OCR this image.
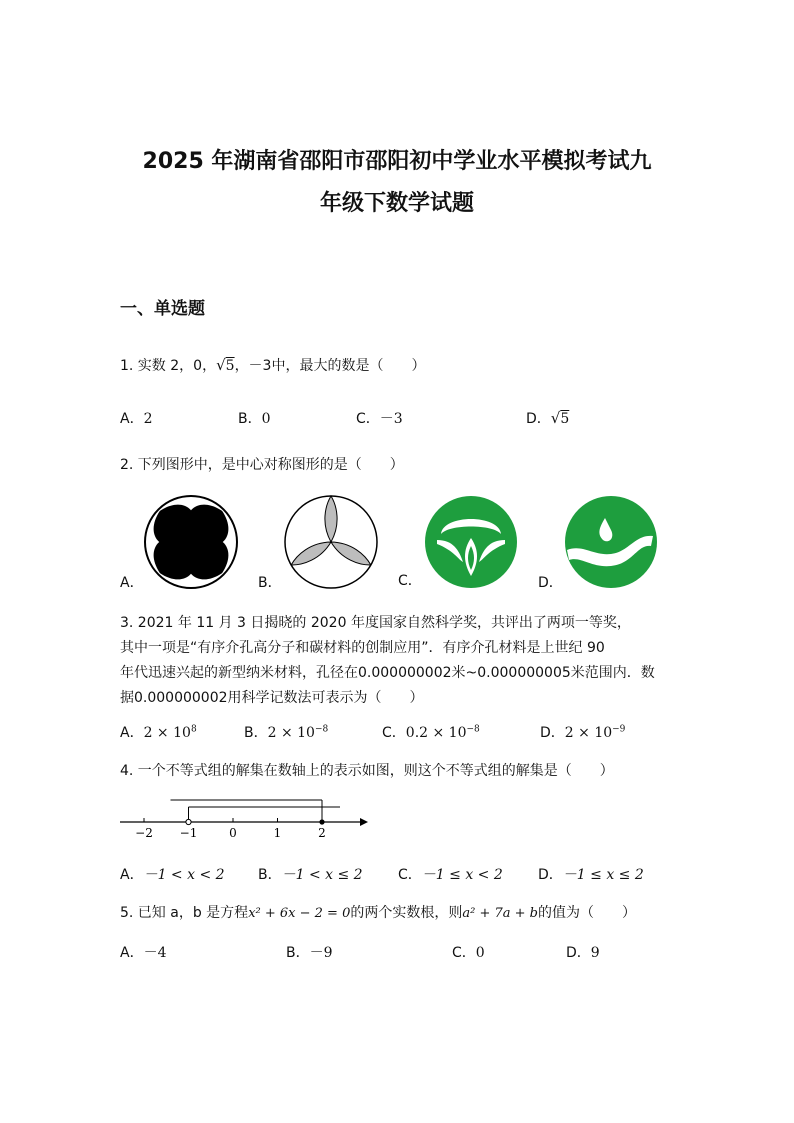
2025 年湖南省邵阳市邵阳初中学业水平模拟考试九
年级下数学试题
一、单选题
1. 实数 2，0，√5，－3中，最大的数是（　　）
A．2	B．0	C．－3	D．√5
2. 下列图形中，是中心对称图形的是（　　）
A．	B．	C．	D．
3. 2021 年 11 月 3 日揭晓的 2020 年度国家自然科学奖，共评出了两项一等奖，
其中一项是“有序介孔高分子和碳材料的创制应用”．有序介孔材料是上世纪 90
年代迅速兴起的新型纳米材料，孔径在0.000000002米~0.000000005米范围内．数
据0.000000002用科学记数法可表示为（　　）
A．$2 \times 10^8$	B．$2 \times 10^{-8}$	C．$0.2 \times 10^{-8}$	D．$2 \times 10^{-9}$
4. 一个不等式组的解集在数轴上的表示如图，则这个不等式组的解集是（　　）
−2 −1	0	1	2
A．－1 < x < 2 B．－1 < x ≤ 2	C．－1 ≤ x < 2	D．－1 ≤ x ≤ 2
5. 已知 a，b 是方程x² + 6x − 2 = 0的两个实数根，则a² + 7a + b的值为（　　）
A．－4	B．－9	C．0	D．9
